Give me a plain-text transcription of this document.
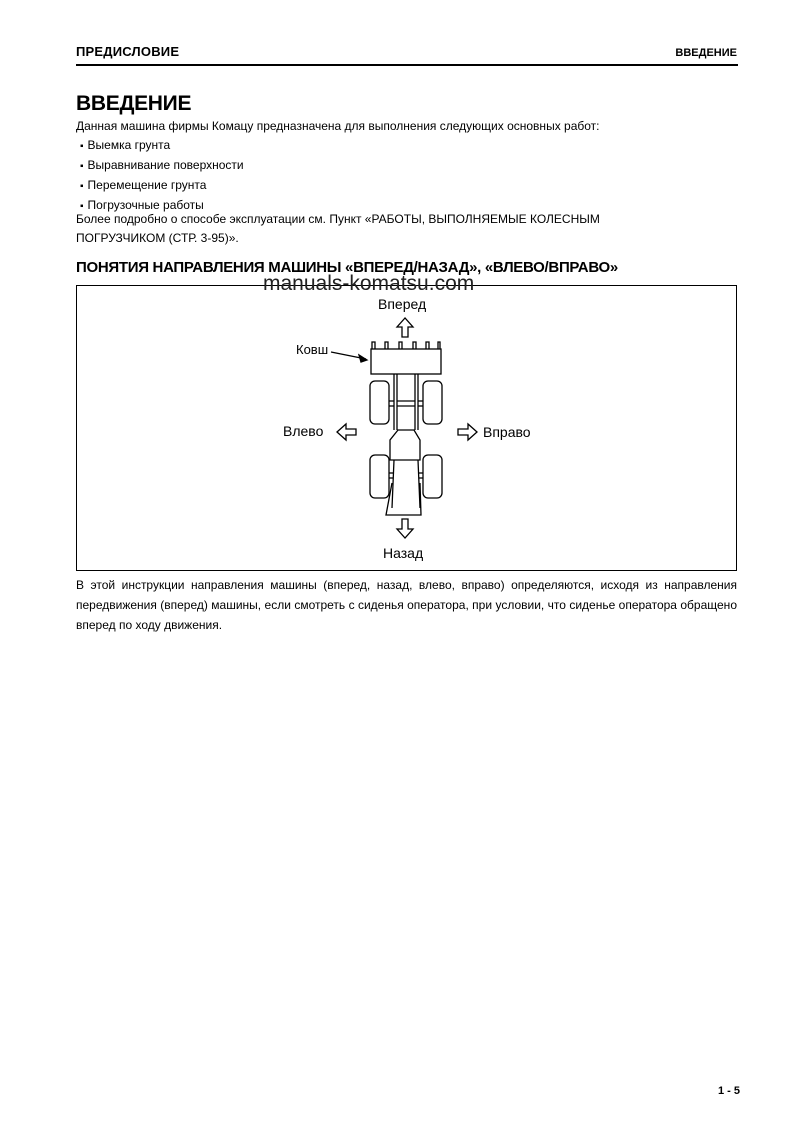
ПРЕДИСЛОВИЕ	ВВЕДЕНИЕ
ВВЕДЕНИЕ
Данная машина фирмы Комацу предназначена для выполнения следующих основных работ:
▪ Выемка грунта
▪ Выравнивание поверхности
▪ Перемещение грунта
▪ Погрузочные работы
Более подробно о способе эксплуатации см. Пункт «РАБОТЫ, ВЫПОЛНЯЕМЫЕ КОЛЕСНЫМ
ПОГРУЗЧИКОМ (СТР. 3-95)».
ПОНЯТИЯ НАПРАВЛЕНИЯ МАШИНЫ «ВПЕРЕД/НАЗАД», «ВЛЕВО/ВПРАВО»
Вперед
Ковш
Влево	Вправо
Назад
manuals-komatsu.com
В этой инструкции направления машины (вперед, назад, влево, вправо) определяются, исходя из направления передвижения (вперед) машины, если смотреть с сиденья оператора, при условии, что сиденье оператора обращено вперед по ходу движения.
1 - 5
